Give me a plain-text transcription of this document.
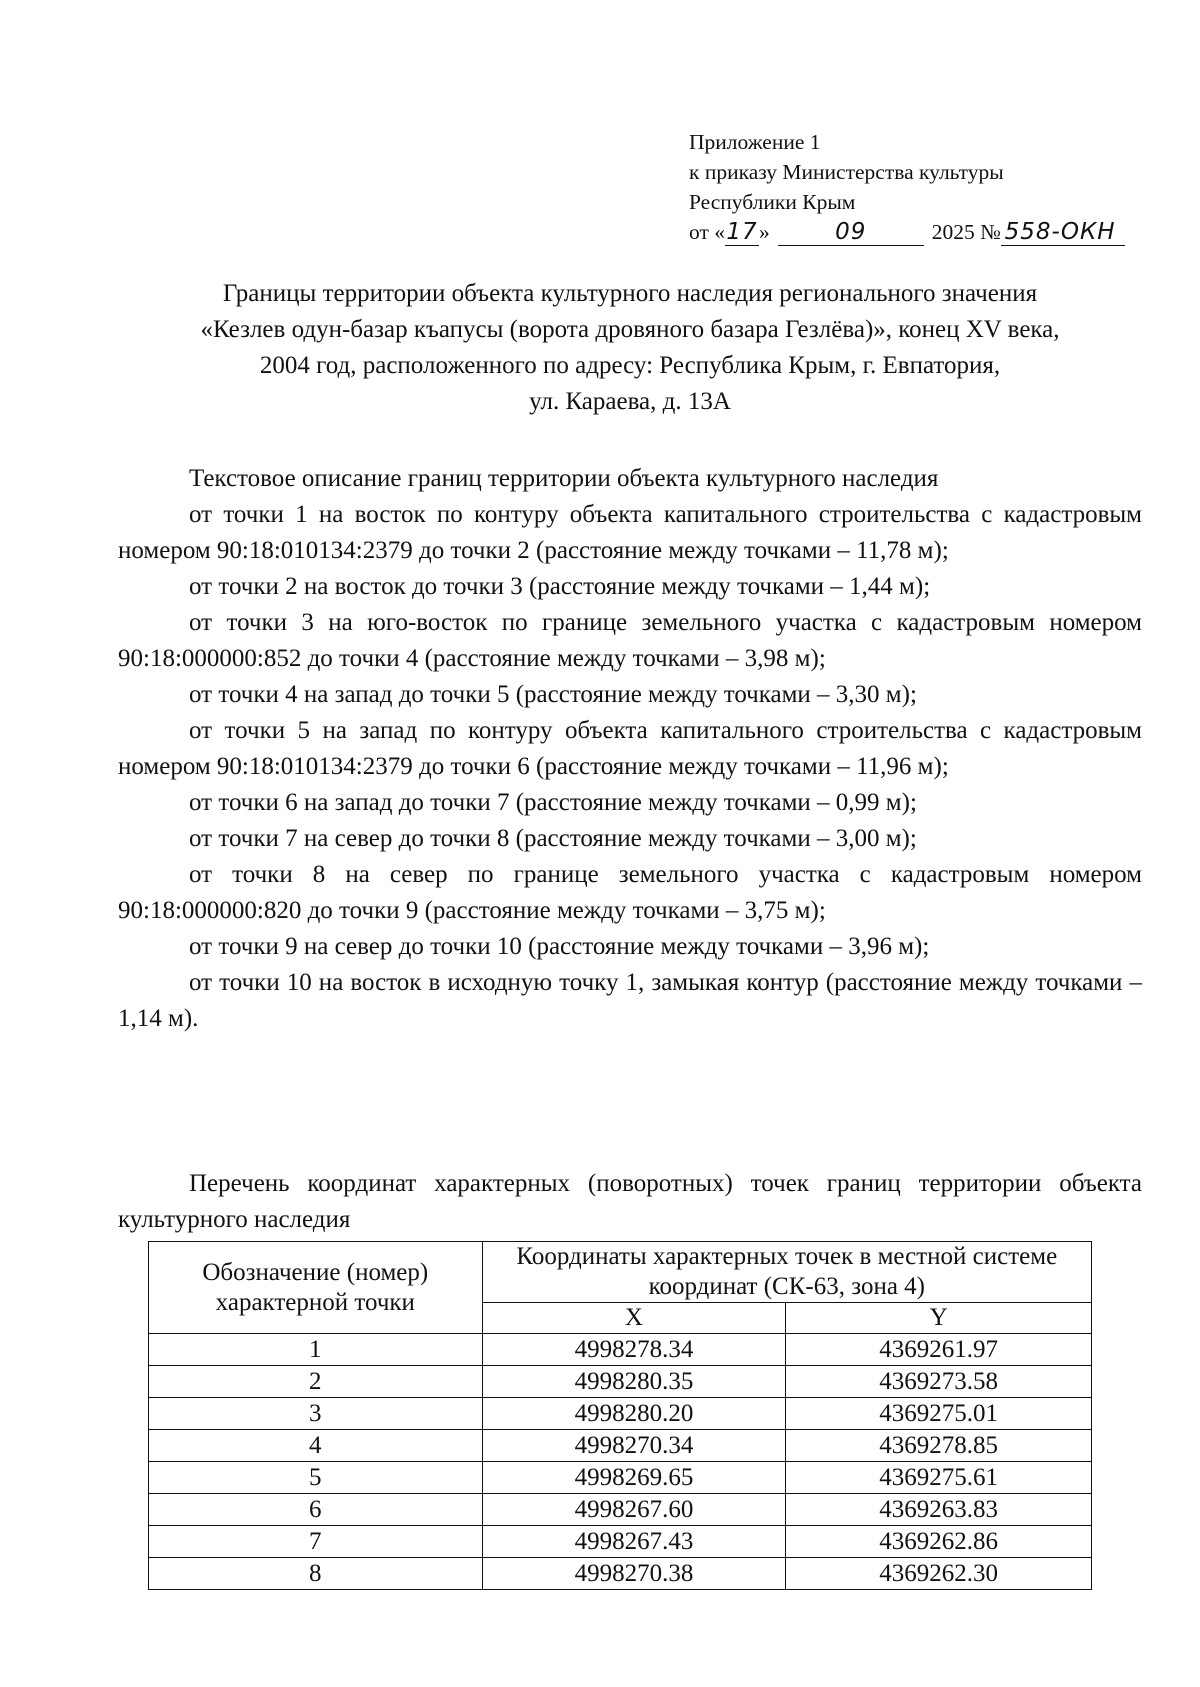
Приложение 1
к приказу Министерства культуры
Республики Крым
от «17»	09	2025 № 558-ОКН
Границы территории объекта культурного наследия регионального значения
«Кезлев одун-базар къапусы (ворота дровяного базара Гезлёва)», конец XV века,
2004 год, расположенного по адресу: Республика Крым, г. Евпатория,
ул. Караева, д. 13А
Текстовое описание границ территории объекта культурного наследия

от точки 1 на восток по контуру объекта капитального строительства с кадастровым номером 90:18:010134:2379 до точки 2 (расстояние между точками – 11,78 м);

от точки 2 на восток до точки 3 (расстояние между точками – 1,44 м);

от точки 3 на юго-восток по границе земельного участка с кадастровым номером 90:18:000000:852 до точки 4 (расстояние между точками – 3,98 м);

от точки 4 на запад до точки 5 (расстояние между точками – 3,30 м);

от точки 5 на запад по контуру объекта капитального строительства с кадастровым номером 90:18:010134:2379 до точки 6 (расстояние между точками – 11,96 м);

от точки 6 на запад до точки 7 (расстояние между точками – 0,99 м);

от точки 7 на север до точки 8 (расстояние между точками – 3,00 м);

от точки 8 на север по границе земельного участка с кадастровым номером 90:18:000000:820 до точки 9 (расстояние между точками – 3,75 м);

от точки 9 на север до точки 10 (расстояние между точками – 3,96 м);

от точки 10 на восток в исходную точку 1, замыкая контур (расстояние между точками – 1,14 м).

Перечень координат характерных (поворотных) точек границ территории объекта культурного наследия
Обозначение (номер) характерной точки	Координаты характерных точек в местной системе координат (СК-63, зона 4)	
	X	Y
1	4998278.34	4369261.97
2	4998280.35	4369273.58
3	4998280.20	4369275.01
4	4998270.34	4369278.85
5	4998269.65	4369275.61
6	4998267.60	4369263.83
7	4998267.43	4369262.86
8	4998270.38	4369262.30
